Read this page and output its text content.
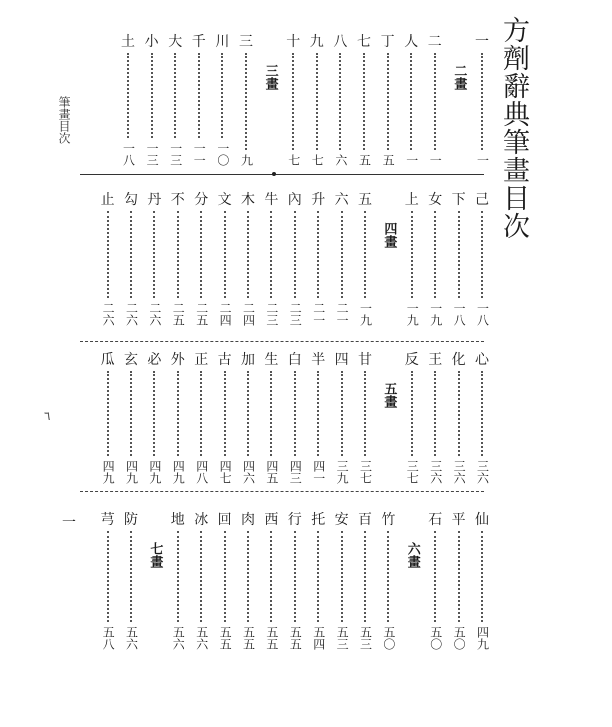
方劑辭典筆畫目次
筆畫目次
٦
一
一
一
二畫
二
一
人
一
丁
五
七
五
八
六
九
七
十
七
三畫
三
九
川
一〇
千
一一
大
一三
小
一三
土
一八
己
一八
下
一八
女
一九
上
一九
四畫
五
一九
六
二一
升
二一
內
二三
牛
二三
木
二四
文
二四
分
二五
不
二五
丹
二六
勾
二六
止
二六
心
三六
化
三六
王
三六
反
三七
五畫
甘
三七
四
三九
半
四一
白
四三
生
四五
加
四六
古
四七
正
四八
外
四九
必
四九
玄
四九
瓜
四九
仙
四九
平
五〇
石
五〇
六畫
竹
五〇
百
五三
安
五三
托
五四
行
五五
西
五五
肉
五五
回
五五
冰
五六
地
五六
七畫
防
五六
芎
五八
